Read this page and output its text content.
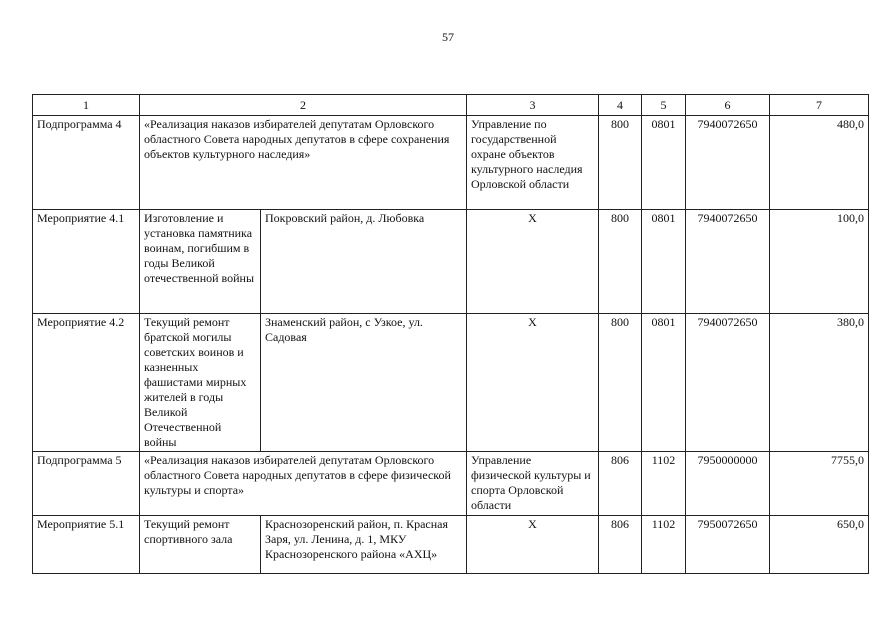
57
1	2		3	4	5	6	7
Подпрограмма 4	«Реализация наказов избирателей депутатам Орловского областного Совета народных депутатов в сфере сохранения объектов культурного наследия»		Управление по государственной охране объектов культурного наследия Орловской области	800	0801	7940072650	480,0
Мероприятие 4.1	Изготовление и установка памятника воинам, погибшим в годы Великой отечественной войны	Покровский район, д. Любовка	Х	800	0801	7940072650	100,0
Мероприятие 4.2	Текущий ремонт братской могилы советских воинов и казненных фашистами мирных жителей в годы Великой Отечественной войны	Знаменский район, с Узкое, ул. Садовая	Х	800	0801	7940072650	380,0
Подпрограмма 5	«Реализация наказов избирателей депутатам Орловского областного Совета народных депутатов в сфере физической культуры и спорта»		Управление физической культуры и спорта Орловской области	806	1102	7950000000	7755,0
Мероприятие 5.1	Текущий ремонт спортивного зала	Краснозоренский район, п. Красная Заря, ул. Ленина, д. 1, МКУ Краснозоренского района «АХЦ»	Х	806	1102	7950072650	650,0
